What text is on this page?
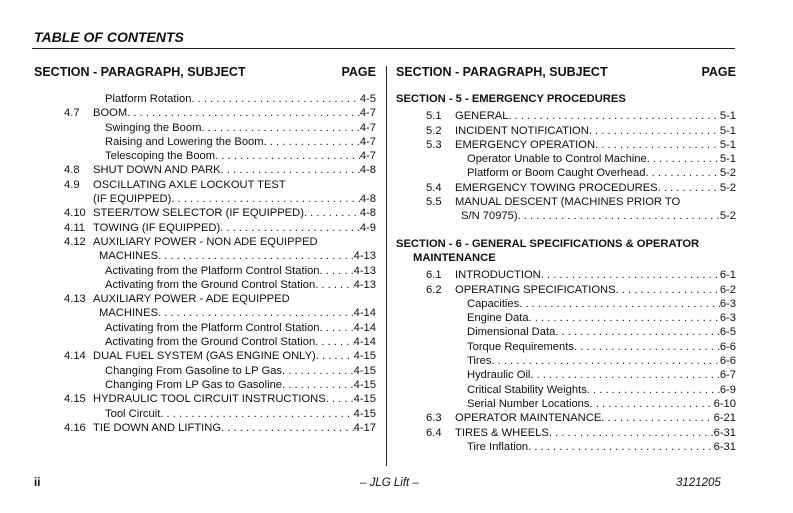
TABLE OF CONTENTS
SECTION - PARAGRAPH, SUBJECT	PAGE
Platform Rotation . . .	4-5
4.7 BOOM . . .	4-7
Swinging the Boom . . .	4-7
Raising and Lowering the Boom . . .	4-7
Telescoping the Boom . . .	4-7
4.8 SHUT DOWN AND PARK . . .	4-8
4.9 OSCILLATING AXLE LOCKOUT TEST
(IF EQUIPPED) . . .	4-8
4.10 STEER/TOW SELECTOR (IF EQUIPPED) . . .	4-8
4.11 TOWING (IF EQUIPPED) . . .	4-9
4.12 AUXILIARY POWER - NON ADE EQUIPPED
MACHINES . . .	4-13
Activating from the Platform Control Station . . .	4-13
Activating from the Ground Control Station . . .	4-13
4.13 AUXILIARY POWER - ADE EQUIPPED
MACHINES . . .	4-14
Activating from the Platform Control Station . . .	4-14
Activating from the Ground Control Station . . .	4-14
4.14 DUAL FUEL SYSTEM (GAS ENGINE ONLY) . . .	4-15
Changing From Gasoline to LP Gas . . .	4-15
Changing From LP Gas to Gasoline . . .	4-15
4.15 HYDRAULIC TOOL CIRCUIT INSTRUCTIONS . . . 4-15
Tool Circuit . . .	4-15
4.16 TIE DOWN AND LIFTING . . .	4-17
SECTION - PARAGRAPH, SUBJECT	PAGE
SECTION - 5 - EMERGENCY PROCEDURES
5.1 GENERAL . . .	5-1
5.2 INCIDENT NOTIFICATION . . .	5-1
5.3 EMERGENCY OPERATION . . .	5-1
Operator Unable to Control Machine . . .	5-1
Platform or Boom Caught Overhead . . .	5-2
5.4 EMERGENCY TOWING PROCEDURES . . .	5-2
5.5 MANUAL DESCENT (MACHINES PRIOR TO
S/N 70975) . . .	5-2
SECTION - 6 - GENERAL SPECIFICATIONS & OPERATOR
MAINTENANCE
6.1 INTRODUCTION . . .	6-1
6.2 OPERATING SPECIFICATIONS . . .	6-2
Capacities . . .	6-3
Engine Data . . .	6-3
Dimensional Data . . .	6-5
Torque Requirements . . .	6-6
Tires . . .	6-6
Hydraulic Oil . . .	6-7
Critical Stability Weights . . .	6-9
Serial Number Locations . . .	6-10
6.3 OPERATOR MAINTENANCE . . .	6-21
6.4 TIRES & WHEELS . . .	6-31
Tire Inflation . . .	6-31
ii	– JLG Lift –	3121205
